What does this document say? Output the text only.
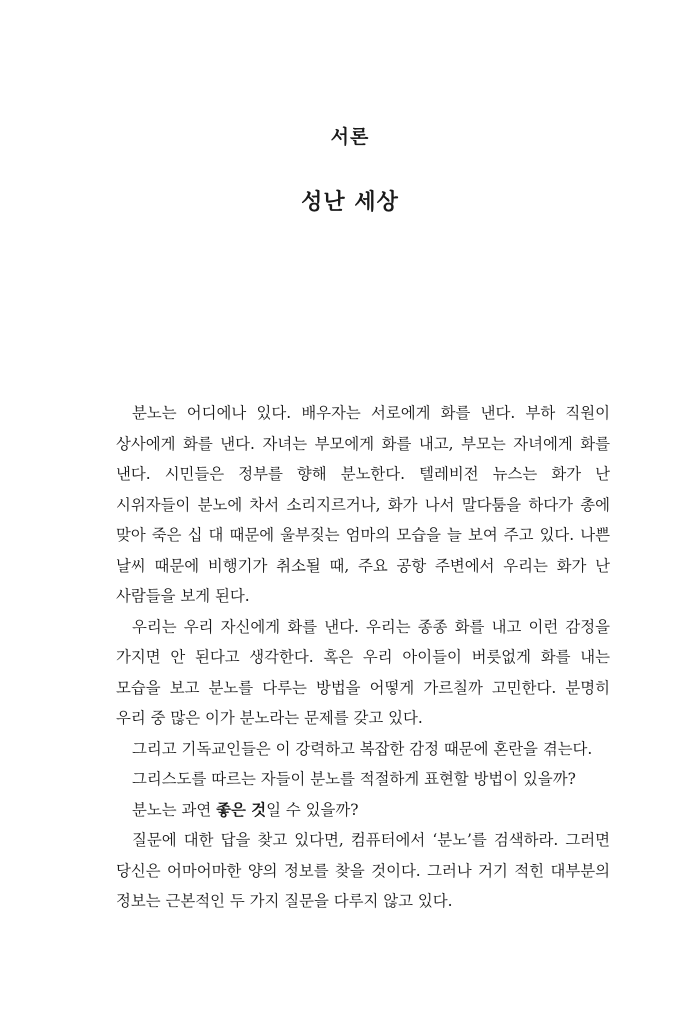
서론
성난 세상

분노는 어디에나 있다. 배우자는 서로에게 화를 낸다. 부하 직원이 상사에게 화를 낸다. 자녀는 부모에게 화를 내고, 부모는 자녀에게 화를 낸다. 시민들은 정부를 향해 분노한다. 텔레비전 뉴스는 화가 난 시위자들이 분노에 차서 소리지르거나, 화가 나서 말다툼을 하다가 총에 맞아 죽은 십 대 때문에 울부짖는 엄마의 모습을 늘 보여 주고 있다. 나쁜 날씨 때문에 비행기가 취소될 때, 주요 공항 주변에서 우리는 화가 난 사람들을 보게 된다.

우리는 우리 자신에게 화를 낸다. 우리는 종종 화를 내고 이런 감정을 가지면 안 된다고 생각한다. 혹은 우리 아이들이 버릇없게 화를 내는 모습을 보고 분노를 다루는 방법을 어떻게 가르칠까 고민한다. 분명히 우리 중 많은 이가 분노라는 문제를 갖고 있다.

그리고 기독교인들은 이 강력하고 복잡한 감정 때문에 혼란을 겪는다.

그리스도를 따르는 자들이 분노를 적절하게 표현할 방법이 있을까?

분노는 과연 좋은 것일 수 있을까?

질문에 대한 답을 찾고 있다면, 컴퓨터에서 ‘분노’를 검색하라. 그러면 당신은 어마어마한 양의 정보를 찾을 것이다. 그러나 거기 적힌 대부분의 정보는 근본적인 두 가지 질문을 다루지 않고 있다.
